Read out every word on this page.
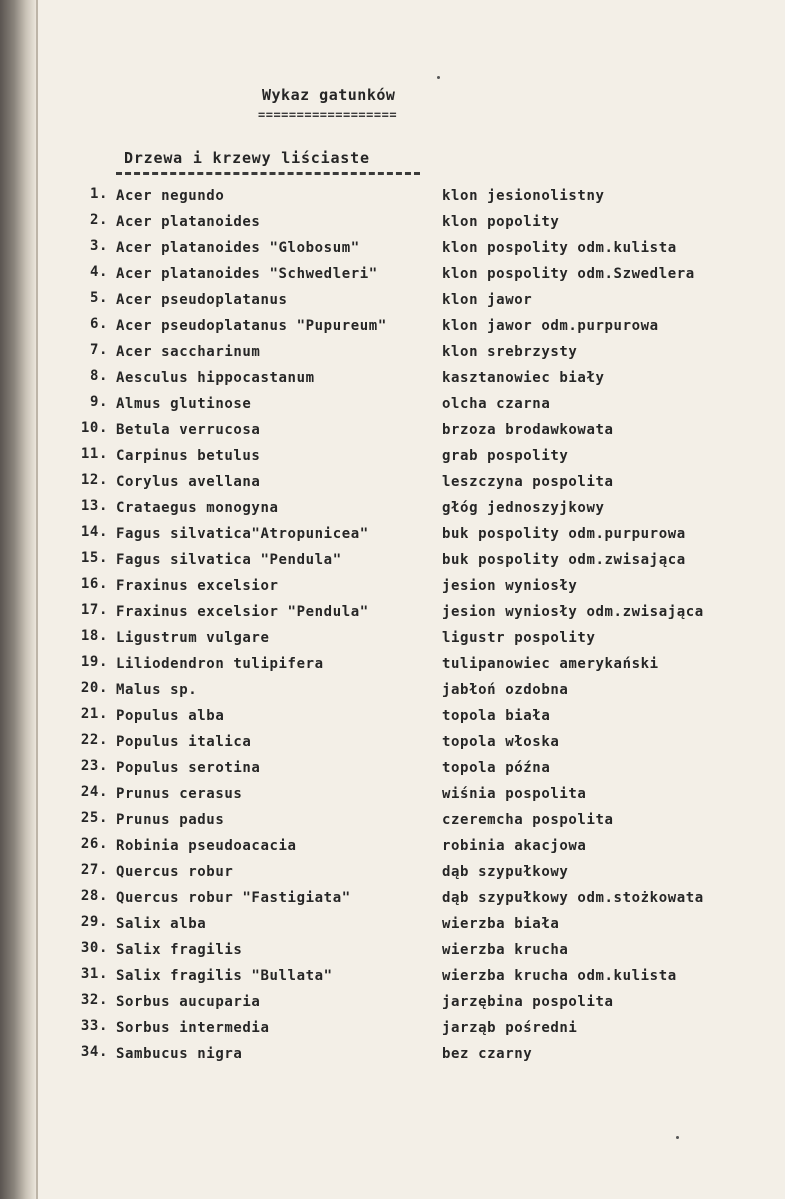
Wykaz gatunków
==================
Drzewa i krzewy liściaste
1. Acer negundo	klon jesionolistny
2. Acer platanoides	klon popolity
3. Acer platanoides "Globosum"	klon pospolity odm.kulista
4. Acer platanoides "Schwedleri"	klon pospolity odm.Szwedlera
5. Acer pseudoplatanus	klon jawor
6. Acer pseudoplatanus "Pupureum"	klon jawor odm.purpurowa
7. Acer saccharinum	klon srebrzysty
8. Aesculus hippocastanum	kasztanowiec biały
9. Almus glutinose	olcha czarna
10. Betula verrucosa	brzoza brodawkowata
11. Carpinus betulus	grab pospolity
12. Corylus avellana	leszczyna pospolita
13. Crataegus monogyna	głóg jednoszyjkowy
14. Fagus silvatica"Atropunicea"	buk pospolity odm.purpurowa
15. Fagus silvatica "Pendula"	buk pospolity odm.zwisająca
16. Fraxinus excelsior	jesion wyniosły
17. Fraxinus excelsior "Pendula"	jesion wyniosły odm.zwisająca
18. Ligustrum vulgare	ligustr pospolity
19. Liliodendron tulipifera	tulipanowiec amerykański
20. Malus sp.	jabłoń ozdobna
21. Populus alba	topola biała
22. Populus italica	topola włoska
23. Populus serotina	topola późna
24. Prunus cerasus	wiśnia pospolita
25. Prunus padus	czeremcha pospolita
26. Robinia pseudoacacia	robinia akacjowa
27. Quercus robur	dąb szypułkowy
28. Quercus robur "Fastigiata"	dąb szypułkowy odm.stożkowata
29. Salix alba	wierzba biała
30. Salix fragilis	wierzba krucha
31. Salix fragilis "Bullata"	wierzba krucha odm.kulista
32. Sorbus aucuparia	jarzębina pospolita
33. Sorbus intermedia	jarząb pośredni
34. Sambucus nigra	bez czarny
